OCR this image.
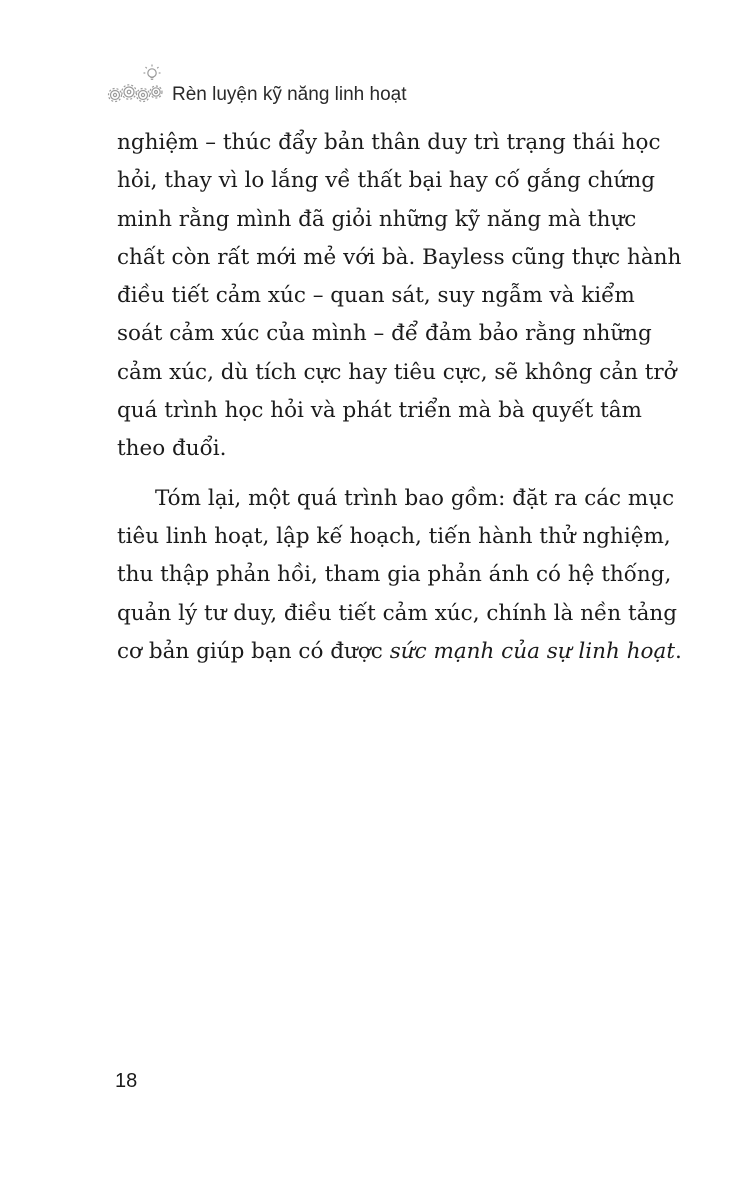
Rèn luyện kỹ năng linh hoạt
nghiệm – thúc đẩy bản thân duy trì trạng thái học
hỏi, thay vì lo lắng về thất bại hay cố gắng chứng
minh rằng mình đã giỏi những kỹ năng mà thực
chất còn rất mới mẻ với bà. Bayless cũng thực hành
điều tiết cảm xúc – quan sát, suy ngẫm và kiểm
soát cảm xúc của mình – để đảm bảo rằng những
cảm xúc, dù tích cực hay tiêu cực, sẽ không cản trở
quá trình học hỏi và phát triển mà bà quyết tâm
theo đuổi.
Tóm lại, một quá trình bao gồm: đặt ra các mục
tiêu linh hoạt, lập kế hoạch, tiến hành thử nghiệm,
thu thập phản hồi, tham gia phản ánh có hệ thống,
quản lý tư duy, điều tiết cảm xúc, chính là nền tảng
cơ bản giúp bạn có được sức mạnh của sự linh hoạt.
18
